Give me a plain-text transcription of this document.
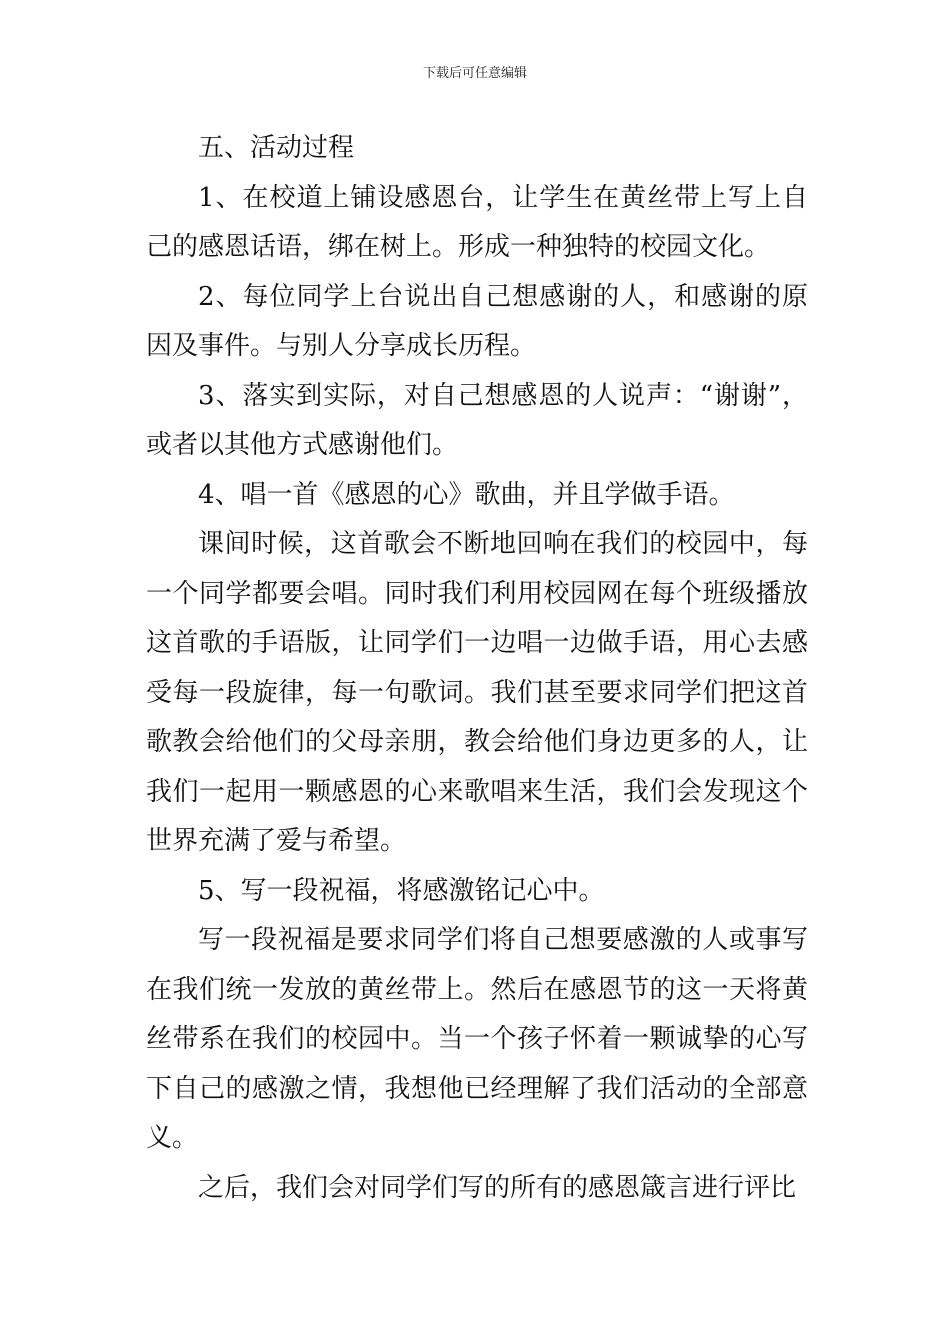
下载后可任意编辑

五、活动过程

1、在校道上铺设感恩台，让学生在黄丝带上写上自己的感恩话语，绑在树上。形成一种独特的校园文化。

2、每位同学上台说出自己想感谢的人，和感谢的原因及事件。与别人分享成长历程。

3、落实到实际，对自己想感恩的人说声：“谢谢”，或者以其他方式感谢他们。

4、唱一首《感恩的心》歌曲，并且学做手语。

课间时候，这首歌会不断地回响在我们的校园中，每一个同学都要会唱。同时我们利用校园网在每个班级播放这首歌的手语版，让同学们一边唱一边做手语，用心去感受每一段旋律，每一句歌词。我们甚至要求同学们把这首歌教会给他们的父母亲朋，教会给他们身边更多的人，让我们一起用一颗感恩的心来歌唱来生活，我们会发现这个世界充满了爱与希望。

5、写一段祝福，将感激铭记心中。

写一段祝福是要求同学们将自己想要感激的人或事写在我们统一发放的黄丝带上。然后在感恩节的这一天将黄丝带系在我们的校园中。当一个孩子怀着一颗诚挚的心写下自己的感激之情，我想他已经理解了我们活动的全部意义。

之后，我们会对同学们写的所有的感恩箴言进行评比
